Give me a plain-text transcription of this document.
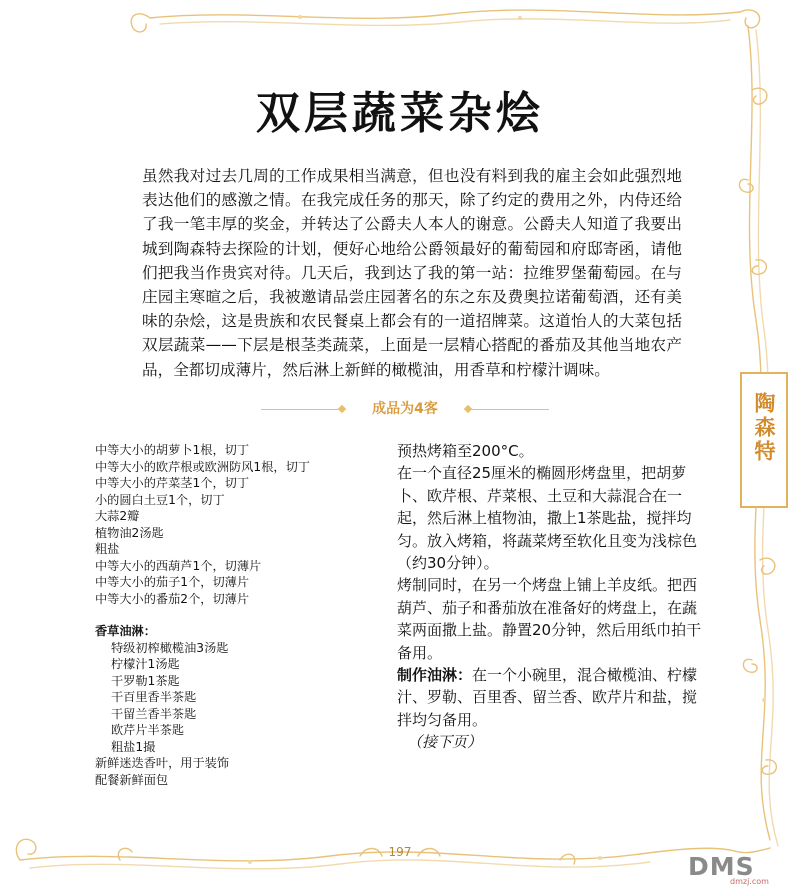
双层蔬菜杂烩
虽然我对过去几周的工作成果相当满意，但也没有料到我的雇主会如此强烈地表达他们的感激之情。在我完成任务的那天，除了约定的费用之外，内侍还给了我一笔丰厚的奖金，并转达了公爵夫人本人的谢意。公爵夫人知道了我要出城到陶森特去探险的计划，便好心地给公爵领最好的葡萄园和府邸寄函，请他们把我当作贵宾对待。几天后，我到达了我的第一站：拉维罗堡葡萄园。在与庄园主寒暄之后，我被邀请品尝庄园著名的东之东及费奥拉诺葡萄酒，还有美味的杂烩，这是贵族和农民餐桌上都会有的一道招牌菜。这道怡人的大菜包括双层蔬菜——下层是根茎类蔬菜，上面是一层精心搭配的番茄及其他当地农产品，全都切成薄片，然后淋上新鲜的橄榄油，用香草和柠檬汁调味。
成品为4客
中等大小的胡萝卜1根，切丁
中等大小的欧芹根或欧洲防风1根，切丁
中等大小的芹菜茎1个，切丁
小的圆白土豆1个，切丁
大蒜2瓣
植物油2汤匙
粗盐
中等大小的西葫芦1个，切薄片
中等大小的茄子1个，切薄片
中等大小的番茄2个，切薄片
香草油淋：
特级初榨橄榄油3汤匙
柠檬汁1汤匙
干罗勒1茶匙
干百里香半茶匙
干留兰香半茶匙
欧芹片半茶匙
粗盐1撮
新鲜迷迭香叶，用于装饰
配餐新鲜面包
预热烤箱至200°C。
在一个直径25厘米的椭圆形烤盘里，把胡萝卜、欧芹根、芹菜根、土豆和大蒜混合在一起，然后淋上植物油，撒上1茶匙盐，搅拌均匀。放入烤箱，将蔬菜烤至软化且变为浅棕色（约30分钟）。
烤制同时，在另一个烤盘上铺上羊皮纸。把西葫芦、茄子和番茄放在准备好的烤盘上，在蔬菜两面撒上盐。静置20分钟，然后用纸巾拍干备用。
制作油淋：在一个小碗里，混合橄榄油、柠檬汁、罗勒、百里香、留兰香、欧芹片和盐，搅拌均匀备用。
（接下页）
陶森特
197	DMS
dmzj.com
